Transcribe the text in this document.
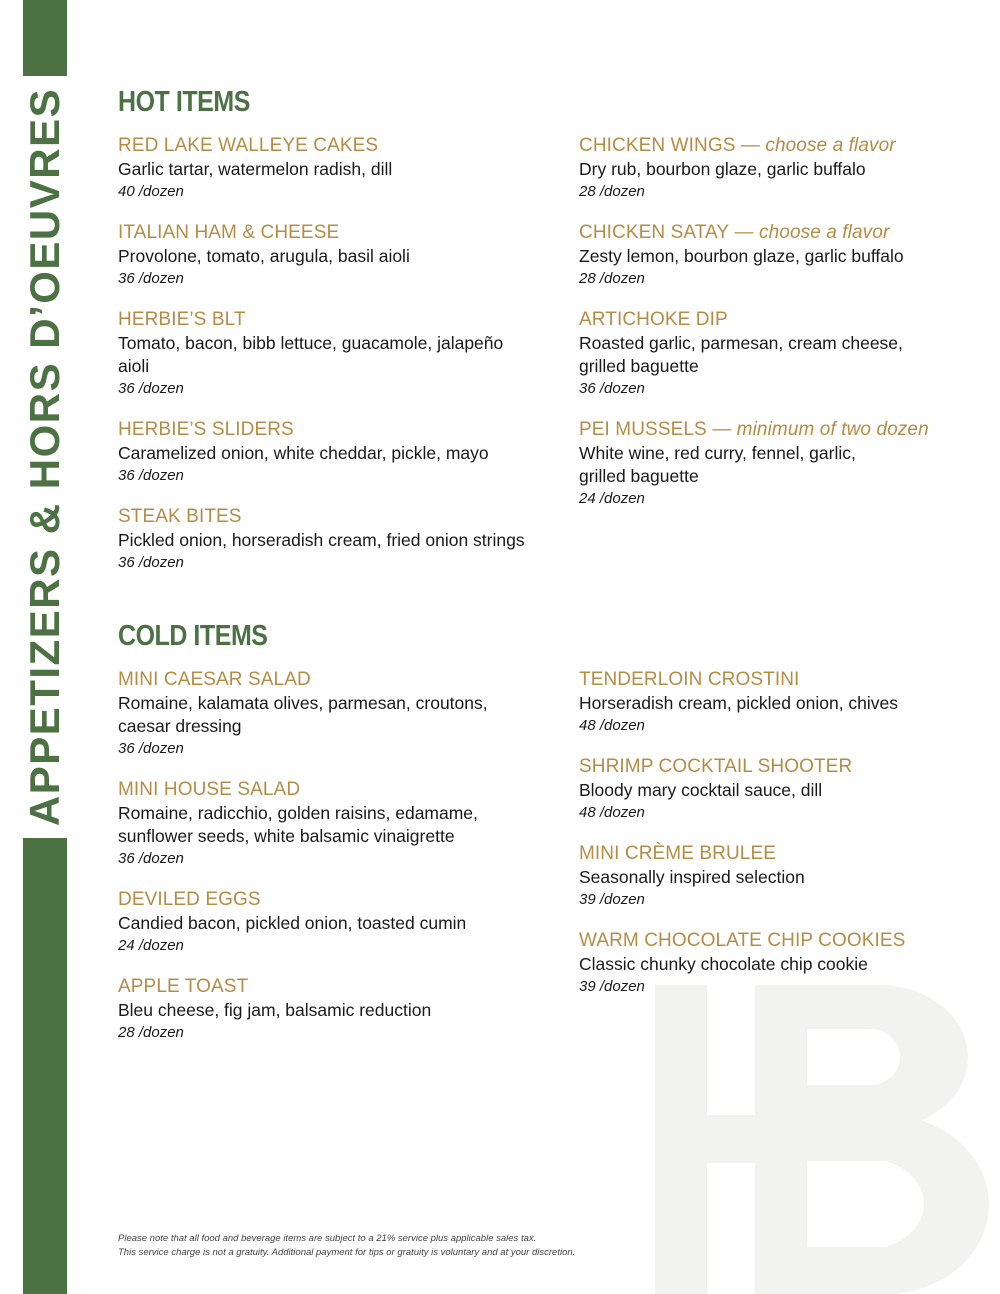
APPETIZERS & HORS D’OEUVRES HOT ITEMS
RED LAKE WALLEYE CAKES
Garlic tartar, watermelon radish, dill
40 /dozen
ITALIAN HAM & CHEESE
Provolone, tomato, arugula, basil aioli
36 /dozen
HERBIE’S BLT
Tomato, bacon, bibb lettuce, guacamole, jalapeño aioli
36 /dozen
HERBIE’S SLIDERS
Caramelized onion, white cheddar, pickle, mayo
36 /dozen
STEAK BITES
Pickled onion, horseradish cream, fried onion strings
36 /dozen
CHICKEN WINGS — choose a flavor
Dry rub, bourbon glaze, garlic buffalo
28 /dozen
CHICKEN SATAY — choose a flavor
Zesty lemon, bourbon glaze, garlic buffalo
28 /dozen
ARTICHOKE DIP
Roasted garlic, parmesan, cream cheese,
grilled baguette
36 /dozen
PEI MUSSELS — minimum of two dozen
White wine, red curry, fennel, garlic,
grilled baguette
24 /dozen
COLD ITEMS
MINI CAESAR SALAD
Romaine, kalamata olives, parmesan, croutons,
caesar dressing
36 /dozen
MINI HOUSE SALAD
Romaine, radicchio, golden raisins, edamame,
sunflower seeds, white balsamic vinaigrette
36 /dozen
DEVILED EGGS
Candied bacon, pickled onion, toasted cumin
24 /dozen
APPLE TOAST
Bleu cheese, fig jam, balsamic reduction
28 /dozen
TENDERLOIN CROSTINI
Horseradish cream, pickled onion, chives
48 /dozen
SHRIMP COCKTAIL SHOOTER
Bloody mary cocktail sauce, dill
48 /dozen
MINI CRÈME BRULEE
Seasonally inspired selection
39 /dozen
WARM CHOCOLATE CHIP COOKIES
Classic chunky chocolate chip cookie
39 /dozen
Please note that all food and beverage items are subject to a 21% service plus applicable sales tax.
This service charge is not a gratuity. Additional payment for tips or gratuity is voluntary and at your discretion.
